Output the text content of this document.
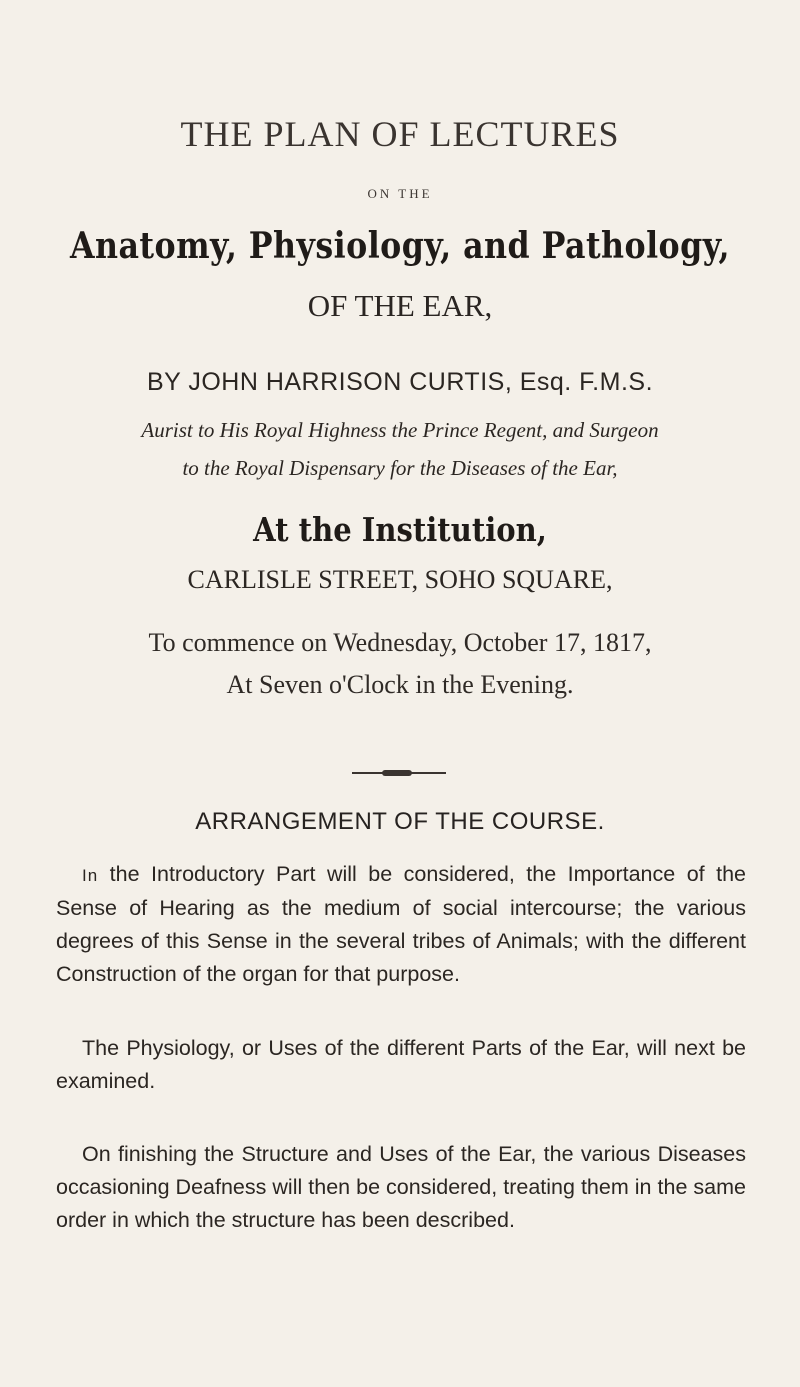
THE PLAN OF LECTURES
ON THE
Anatomy, Physiology, and Pathology,
OF THE EAR,
BY JOHN HARRISON CURTIS, Esq. F.M.S.
Aurist to His Royal Highness the Prince Regent, and Surgeon
to the Royal Dispensary for the Diseases of the Ear,
At the Institution,
CARLISLE STREET, SOHO SQUARE,
To commence on Wednesday, October 17, 1817,
At Seven o'Clock in the Evening.
ARRANGEMENT OF THE COURSE.
In the Introductory Part will be considered, the Importance of the Sense of Hearing as the medium of social intercourse; the various degrees of this Sense in the several tribes of Animals; with the different Construction of the organ for that purpose.
The Physiology, or Uses of the different Parts of the Ear, will next be examined.
On finishing the Structure and Uses of the Ear, the various Diseases occasioning Deafness will then be considered, treating them in the same order in which the structure has been described.
